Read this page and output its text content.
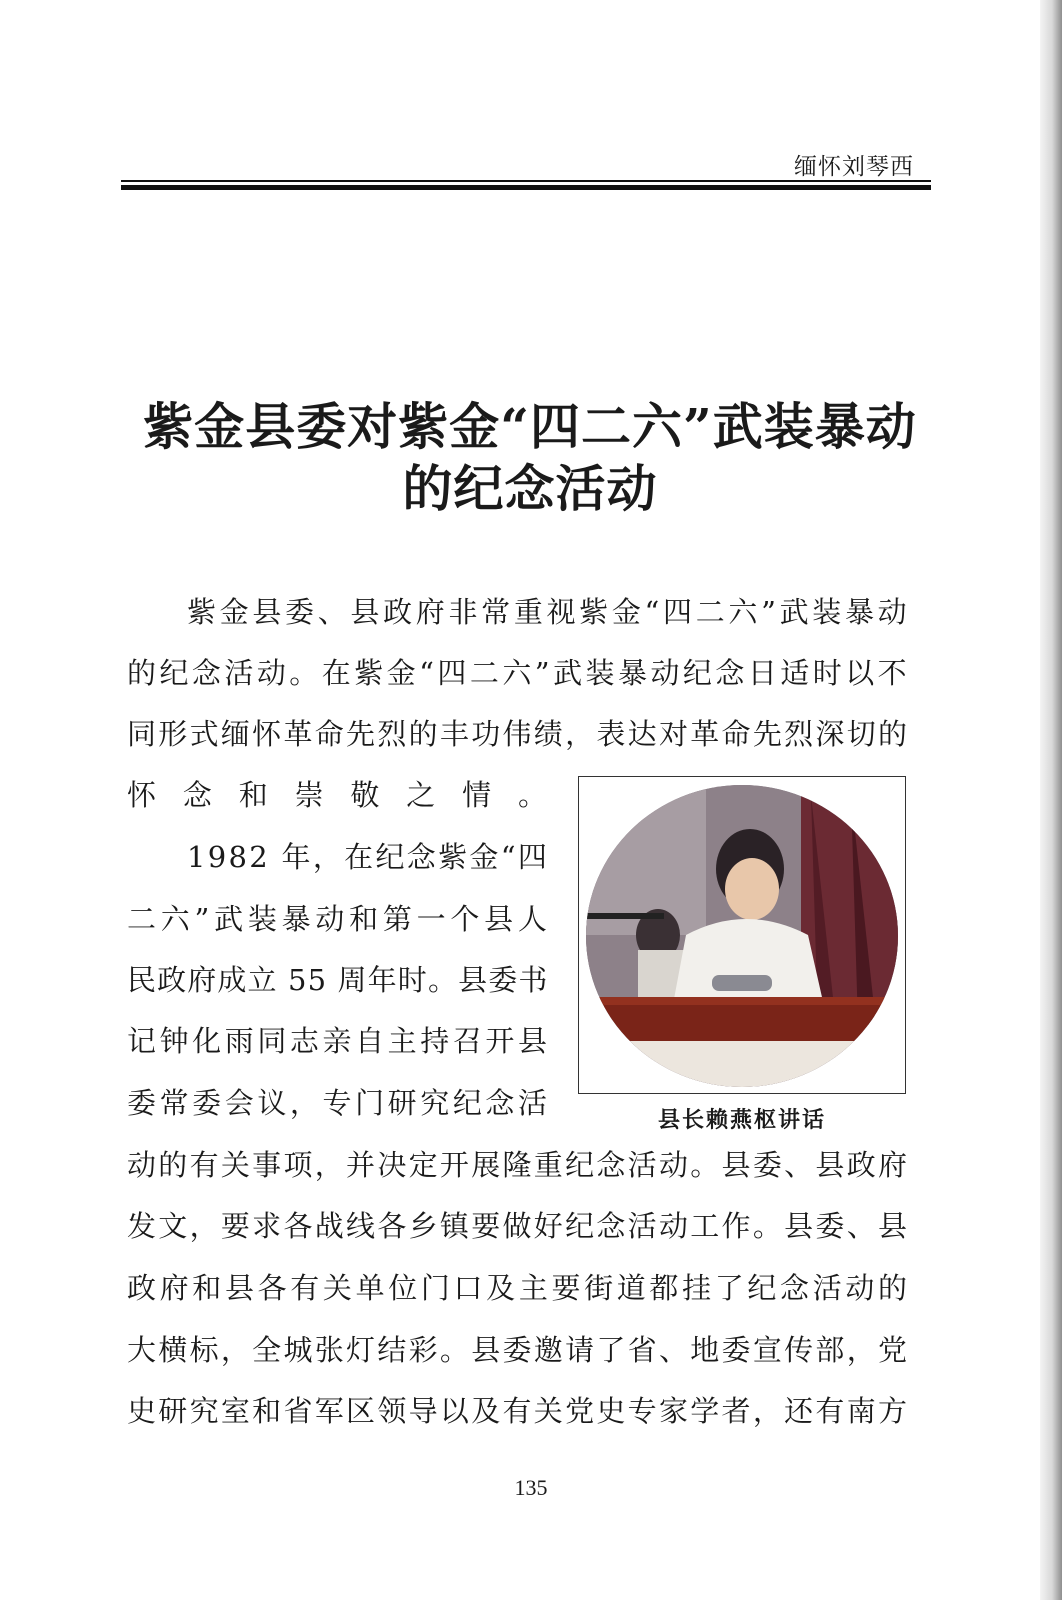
缅怀刘琴西
紫金县委对紫金“四二六”武装暴动
的纪念活动
紫金县委、县政府非常重视紫金“四二六”武装暴动
的纪念活动。在紫金“四二六”武装暴动纪念日适时以不
同形式缅怀革命先烈的丰功伟绩，表达对革命先烈深切的
怀念和崇敬之情。
1982 年，在纪念紫金“四
二六”武装暴动和第一个县人
民政府成立 55 周年时。县委书
记钟化雨同志亲自主持召开县
委常委会议，专门研究纪念活
动的有关事项，并决定开展隆重纪念活动。县委、县政府
发文，要求各战线各乡镇要做好纪念活动工作。县委、县
政府和县各有关单位门口及主要街道都挂了纪念活动的
大横标，全城张灯结彩。县委邀请了省、地委宣传部，党
史研究室和省军区领导以及有关党史专家学者，还有南方
县长赖燕枢讲话
135
